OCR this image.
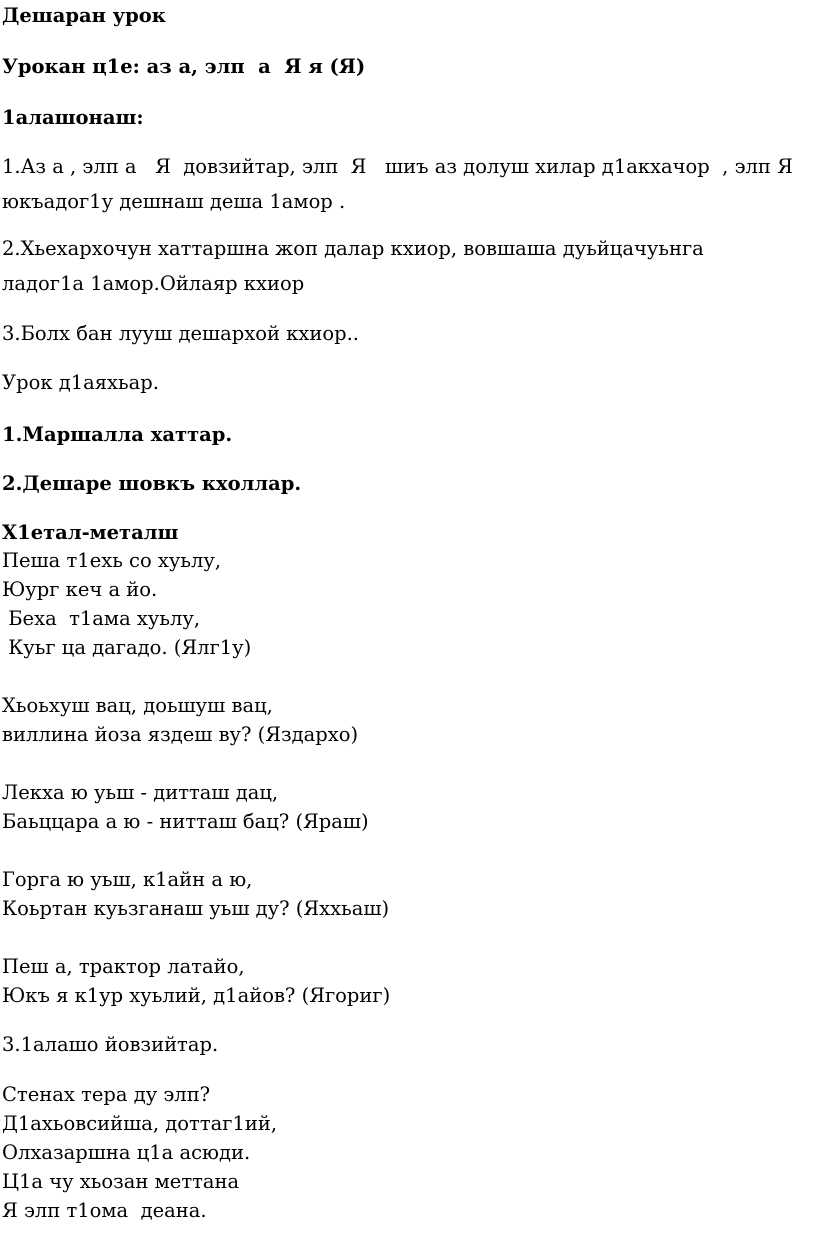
Дешаран урок

Урокан ц1е: аз а, элп  а  Я я (Я)

1алашонаш:

1.Аз а , элп а   Я  довзийтар, элп  Я   шиъ аз долуш хилар д1акхачор  , элп Я

юкъадог1у дешнаш деша 1амор .

2.Хьехархочун хаттаршна жоп далар кхиор, вовшаша дуьйцачуьнга

ладог1а 1амор.Ойлаяр кхиор

3.Болх бан лууш дешархой кхиор..

Урок д1аяхьар.

1.Маршалла хаттар.

2.Дешаре шовкъ кхоллар.

Х1етал-металш

Пеша т1ехь со хуьлу,

Юург кеч а йо.

Беха  т1ама хуьлу,

Куьг ца дагадо. (Ялг1у)

Хьоьхуш вац, доьшуш вац,

виллина йоза яздеш ву? (Яздархо)

Лекха ю уьш - дитташ дац,

Баьццара а ю - нитташ бац? (Яраш)

Горга ю уьш, к1айн а ю,

Коьртан куьзганаш уьш ду? (Яххьаш)

Пеш а, трактор латайо,

Юкъ я к1ур хуьлий, д1айов? (Ягориг)

3.1алашо йовзийтар.

Стенах тера ду элп?

Д1ахьовсийша, доттаг1ий,

Олхазаршна ц1а асюди.

Ц1а чу хьозан меттана

Я элп т1ома  деана.
